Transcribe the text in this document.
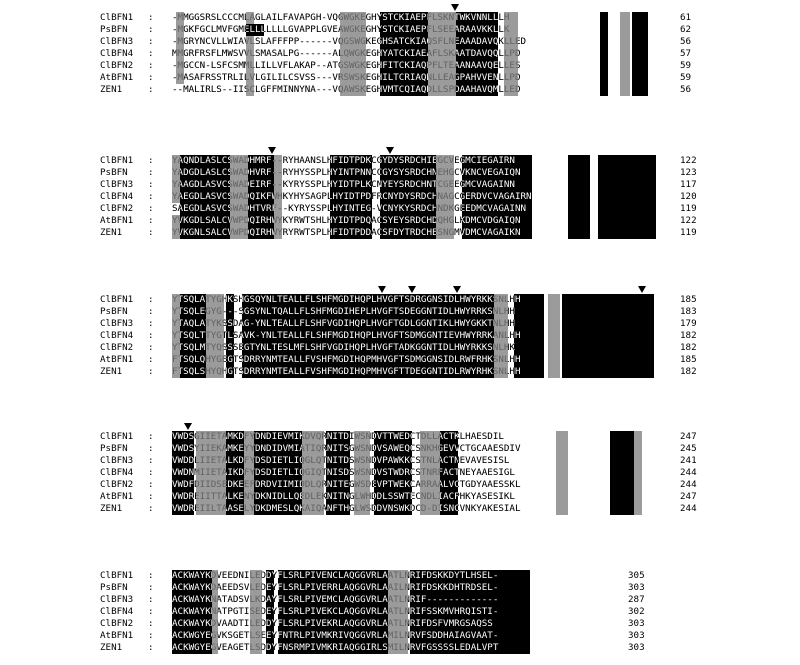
ClBFN1	:	-MMGGSRSLCCCMLAGLAILFAVAPGH-VQGWGKEGHYSTCKIAEPFLSKNTWKVNNLLLH	61
PsBFN	:	-MGKFGCLMVFGMELLLLLLLGVAPPLGVEAWGKEGHYSTCKIAEPFLSEEARAAVKKLLK	62
ClBFN3	:	-MGRYNCVLLWIAVLSLAFFFPP------VQGSWGKEGHSATCKIAQSFLNEAAADAVQKLLED	56
ClBFN4	:	MMGRFRSFLMWSVVLSMASALPG------ALQWGKEGHYATCKIAEAFLSKAATDAVQQLLPD	57
ClBFN2	:	-MGCCN-LSFCSMMLLILLVFLAKAP--ATGSWGKEGHFITCKIAQPFLTEAANAAVQELLES	59
AtBFN1	:	-MASAFRSSTRLILVLGILILCSVSS---VRSWSKEGHILTCRIAQNLLEAGPAHVVENLLPD	59
ZEN1	:	--MALIRLS--IISCLGFFMINNYNA---VQAWSKEGHVMTCQIAQDLLSPDAAHAVQMLLED	56
ClBFN1	:	YAQNDLASLCSWADHMRF--RYHAANSLHFIDTPDKCGYDYSRDCHIEGCVEGMCIEGAIRN	122
PsBFN	:	YADGDLASLCSWADHVRF--RYHYSSPLHYINTPNNCCGYSYSRDCHNEHGCVKNCVEGAIQN	123
ClBFN3	:	YAAGDLASVCSWADEIRF--KYRYSSPLHYIDTPLKCNYEYSRDCHNTCGEEGMCVAGAINN	117
ClBFN4	:	YAEGDLASVCSWADQIKFWHKYHYSAGPLHYIDTPDFRCNYDYSRDCHNAGCGERDVCVAGAIRN	120
ClBFN2	:	SAEGDLASVCSWADHTVRF--KYRYSSPLHYINTEG-VCNYKYSRDCHNDKGEEDMCVAGAINN	119
AtBFN1	:	YVKGDLSALCVWPDQIRHWYKYRWTSHLHYIDTPDQACSYEYSRDCHDQHGLKDMCVDGAIQN	122
ZEN1	:	YVKGNLSALCVWPDQIRHWYRYRWTSPLHFIDTPDDACSFDYTRDCHESNGMVDMCVAGAIKN	119
ClBFN1	:	YTSQLATYGHKSHGSQYNLTEALLFLSHFMGDIHQPLHVGFTSDRGGNSIDLHWYRKKSNLHH	185
PsBFN	:	YTSQLEGYG---SGSYNLTQALLFLSHFMGDIHEPLHVGFTSDEGGNTIDLHWYRRKSNLHH	183
ClBFN3	:	YTAQLATYKSSDAG-YNLTEALLFLSHFVGDIHQPLHVGFTGDLGGNTIKLHWYGKKTNLHH	179
ClBFN4	:	YTSQLTTYGTLSAVK-YNLTEALLFLSHFMGDIHQPLHVGFTSDMGGNTIEVHWYRRKANLHH	182
ClBFN2	:	YTSQLMTYQSSSEGTYNLTESLMFLSHFVGDIHQPLHVGFTADKGGNTIDLHWYRKKSNLHK	182
AtBFN1	:	FTSQLQHYGEGTSDRRYNMTEALLFVSHFMGDIHQPMHVGFTSDMGGNSIDLRWFRHKSNLHH	185
ZEN1	:	FTSQLSHYQHGTSDRRYNMTEALLFVSHFMGDIHQPMHVGFTTDEGGNTIDLRWYRHKSNLHH	182
ClBFN1	:	VWDSGIIETAMKDFYDNDIEVMIKDVQRNITDIWSNDVTTWEDCTDLLACTKLHAESDIL	247
PsBFN	:	VWDSYIIEKAMKEYYDNDIDVMIATIQRNITSGWSNDVSAWEQCSNKHGEVVCTGCAAESDIV	245
ClBFN3	:	VWDDLIIETALKDFYDSDIETLIQGLQTNITDSWSNDVPAWKKCSTNLACTNEVAVESISL	241
ClBFN4	:	VWDNMIIETAIKDFYDSDIETLIQGIQTNISDSWSNDVSTWDRCSTNRFACTNEYAAESIGL	244
ClBFN2	:	VWDFDIIDSEDKEEFDRDVIIMIDDLQRNITEGWSDEVPTWEKCARRAALVCTGDYAAESSKL	244
AtBFN1	:	VWDREIITTALKENYDKNIDLLQEDLEKNITNGLWHDDLSSWTECNDLIACPHKYASESIKL	247
ZEN1	:	VWDREIILTAASELYDKDMESLQKAIQANFTHGLWSDDVNSWKDCD-DISNCVNKYAKESIAL	244
ClBFN1	:	ACKWAYKDVEEDNILEDDYFLSRLPIVENCLAQGGVRLAATLNRIFDSKKDYTLHSEL-	305
PsBFN	:	ACKWAYKDAEEDSVLEDEYFLSRLPIVERRLAQGGVRLAAILNRIFDSKKDHTRDSEL-	303
ClBFN3	:	ACKWAYKNATADSVLKDAYFLSRLPIVEMCLAQGGVRLAATLNRIF-------------	287
ClBFN4	:	ACKWAYKNATPGTISEDEYFLSRLPIVEKCLAQGGVRLAATLNRIFSSKMVHRQISTI-	302
ClBFN2	:	ACKWAYKDVAADTILEDDYFLSRLPIVEKRLAQGGVRLAATLNRIFDSFVMRGSAQSS	303
AtBFN1	:	ACKWGYEGVKSGETLSEEYFNTRLPIVMKRIVQGGVRLAMILNRVFSDDHAIAGVAAT-	303
ZEN1	:	ACKWGYEGVEAGETLSDDYFNSRMPIVMKRIAQGGIRLSMILNRVFGSSSSLEDALVPT	303
